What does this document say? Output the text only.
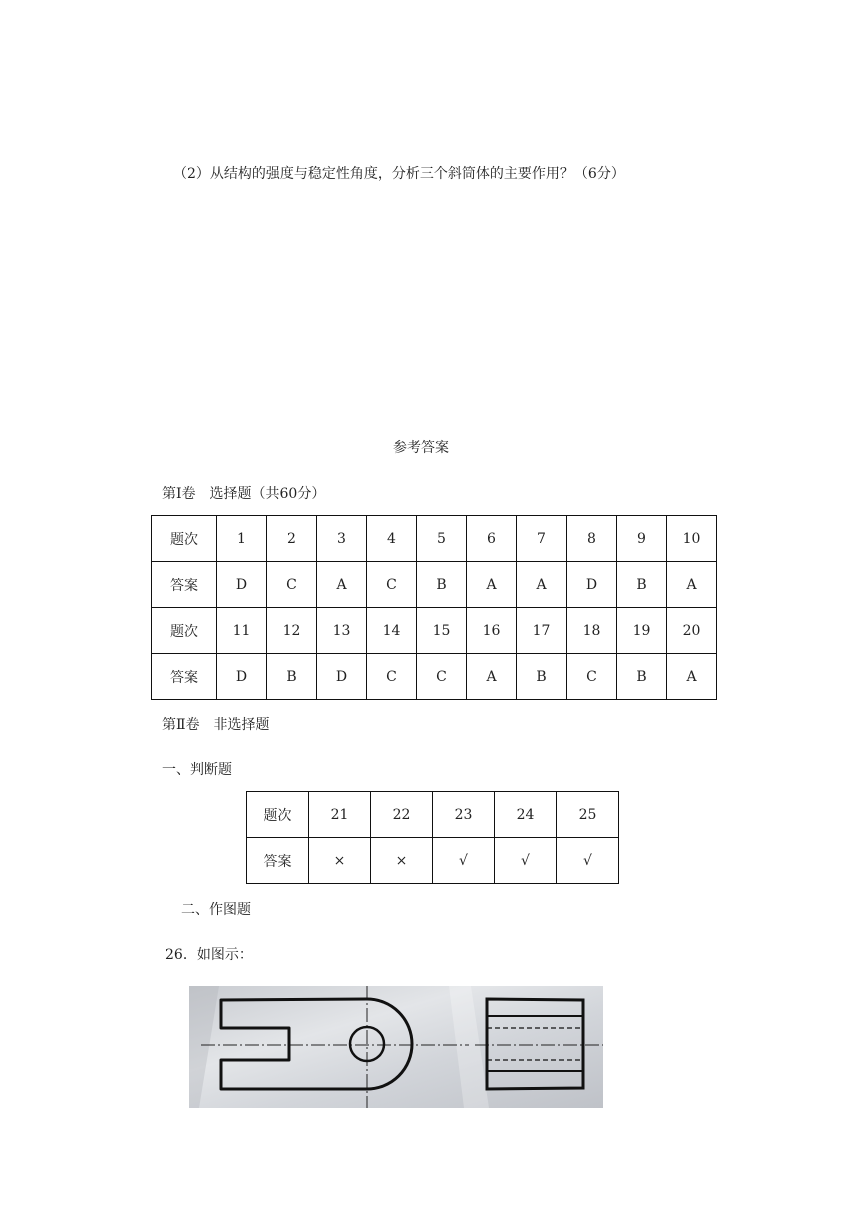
（2）从结构的强度与稳定性角度，分析三个斜筒体的主要作用？（6分）
参考答案
第Ⅰ卷　选择题（共60分）
题次	1	2	3	4	5	6	7	8	9	10
答案	D	C	A	C	B	A	A	D	B	A
题次	11	12	13	14	15	16	17	18	19	20
答案	D	B	D	C	C	A	B	C	B	A
第Ⅱ卷　非选择题
一、判断题
题次	21	22	23	24	25
答案	×	×	√	√	√
二、作图题
26．如图示：
